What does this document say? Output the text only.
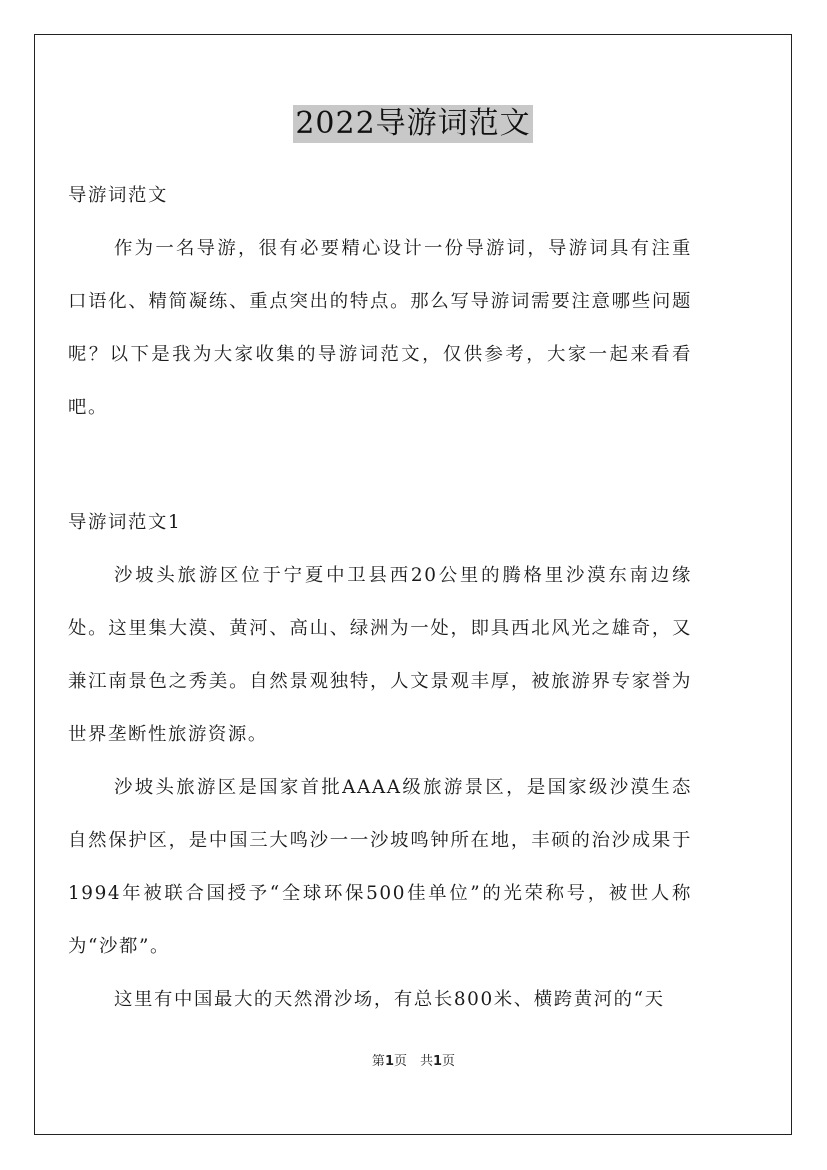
2022导游词范文
导游词范文

作为一名导游，很有必要精心设计一份导游词，导游词具有注重口语化、精简凝练、重点突出的特点。那么写导游词需要注意哪些问题呢？以下是我为大家收集的导游词范文，仅供参考，大家一起来看看吧。

导游词范文1

沙坡头旅游区位于宁夏中卫县西20公里的腾格里沙漠东南边缘处。这里集大漠、黄河、高山、绿洲为一处，即具西北风光之雄奇，又兼江南景色之秀美。自然景观独特，人文景观丰厚，被旅游界专家誉为世界垄断性旅游资源。

沙坡头旅游区是国家首批AAAA级旅游景区，是国家级沙漠生态自然保护区，是中国三大鸣沙一一沙坡鸣钟所在地，丰硕的治沙成果于1994年被联合国授予“全球环保500佳单位”的光荣称号，被世人称为“沙都”。

这里有中国最大的天然滑沙场，有总长800米、横跨黄河的“天

第1页　共1页
